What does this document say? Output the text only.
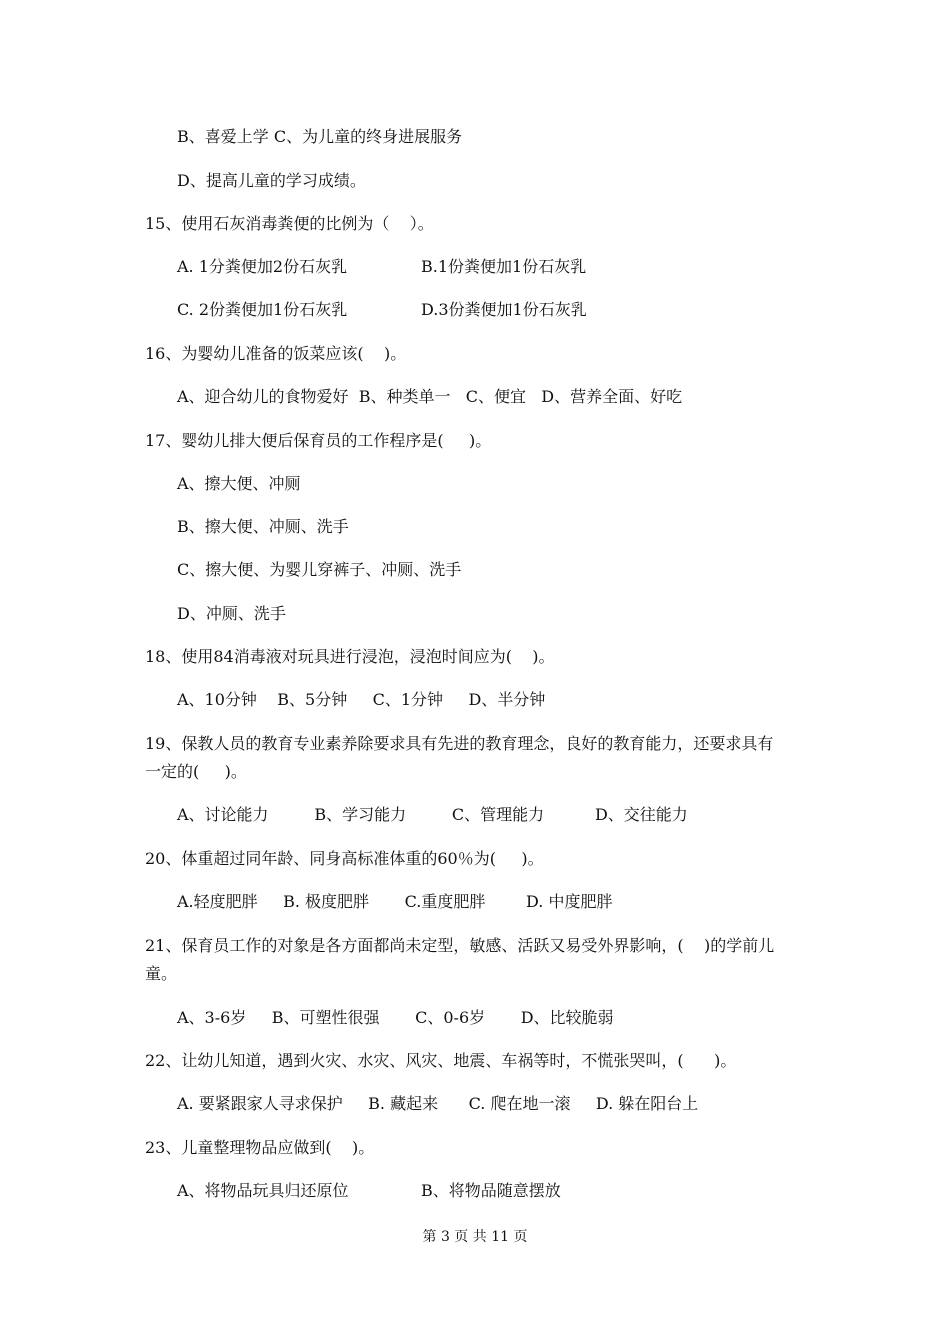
B、喜爱上学 C、为儿童的终身进展服务
D、提高儿童的学习成绩。
15、使用石灰消毒粪便的比例为（    ）。

A. 1分粪便加2份石灰乳

	B.1份粪便加1份石灰乳

C. 2份粪便加1份石灰乳

	D.3份粪便加1份石灰乳

16、为婴幼儿准备的饭菜应该(    )。
A、迎合幼儿的食物爱好  B、种类单一   C、便宜   D、营养全面、好吃
17、婴幼儿排大便后保育员的工作程序是(     )。
A、擦大便、冲厕
B、擦大便、冲厕、洗手
C、擦大便、为婴儿穿裤子、冲厕、洗手
D、冲厕、洗手
18、使用84消毒液对玩具进行浸泡，浸泡时间应为(    )。
A、10分钟    B、5分钟     C、1分钟     D、半分钟
19、保教人员的教育专业素养除要求具有先进的教育理念，良好的教育能力，还要求具有
一定的(     )。
A、讨论能力         B、学习能力         C、管理能力          D、交往能力
20、体重超过同年龄、同身高标准体重的60％为(     )。
A.轻度肥胖     B. 极度肥胖       C.重度肥胖        D. 中度肥胖
21、保育员工作的对象是各方面都尚未定型，敏感、活跃又易受外界影响，(    )的学前儿
童。
A、3-6岁     B、可塑性很强       C、0-6岁       D、比较脆弱
22、让幼儿知道，遇到火灾、水灾、风灾、地震、车祸等时，不慌张哭叫，(      )。
A. 要紧跟家人寻求保护     B. 藏起来      C. 爬在地一滚     D. 躲在阳台上
23、儿童整理物品应做到(    )。

A、将物品玩具归还原位

	B、将物品随意摆放

第 3 页 共 11 页
